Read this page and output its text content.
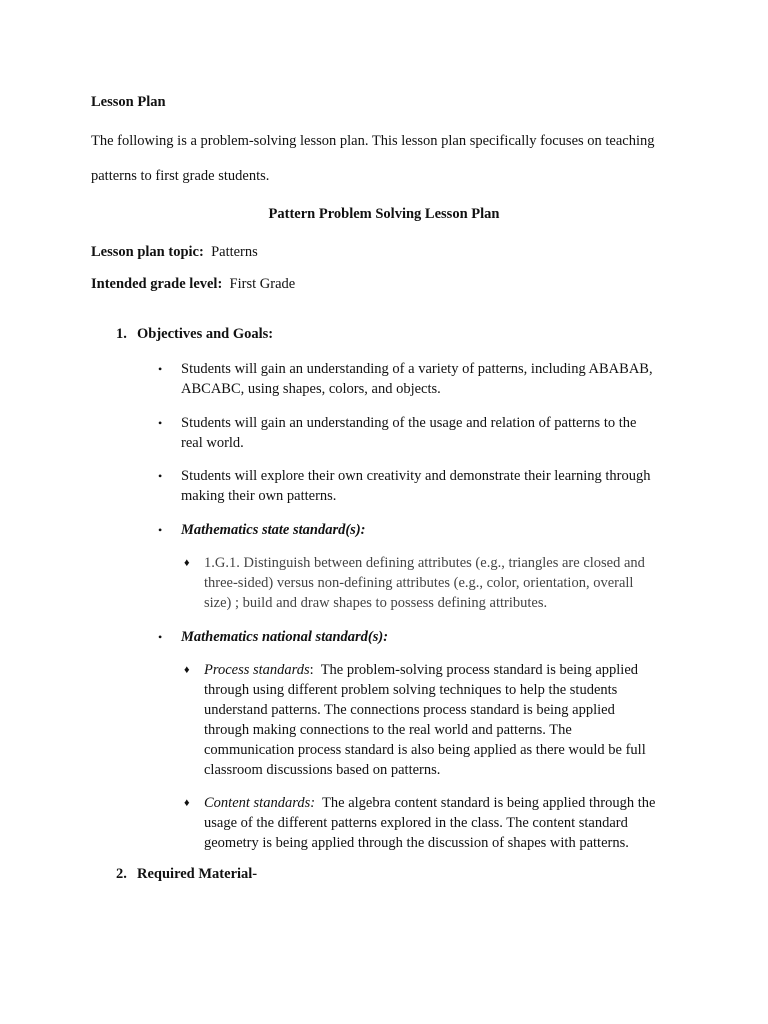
Lesson Plan
The following is a problem-solving lesson plan. This lesson plan specifically focuses on teaching
patterns to first grade students.
Pattern Problem Solving Lesson Plan
Lesson plan topic: Patterns
Intended grade level: First Grade
1. Objectives and Goals:
• Students will gain an understanding of a variety of patterns, including ABABAB,
ABCABC, using shapes, colors, and objects.
• Students will gain an understanding of the usage and relation of patterns to the
real world.
• Students will explore their own creativity and demonstrate their learning through
making their own patterns.
• Mathematics state standard(s):
♦ 1.G.1. Distinguish between defining attributes (e.g., triangles are closed and
three-sided) versus non-defining attributes (e.g., color, orientation, overall
size) ; build and draw shapes to possess defining attributes.
• Mathematics national standard(s):
♦ Process standards:  The problem-solving process standard is being applied
through using different problem solving techniques to help the students
understand patterns. The connections process standard is being applied
through making connections to the real world and patterns. The
communication process standard is also being applied as there would be full
classroom discussions based on patterns.
♦ Content standards:  The algebra content standard is being applied through the
usage of the different patterns explored in the class. The content standard
geometry is being applied through the discussion of shapes with patterns.
2. Required Material-
